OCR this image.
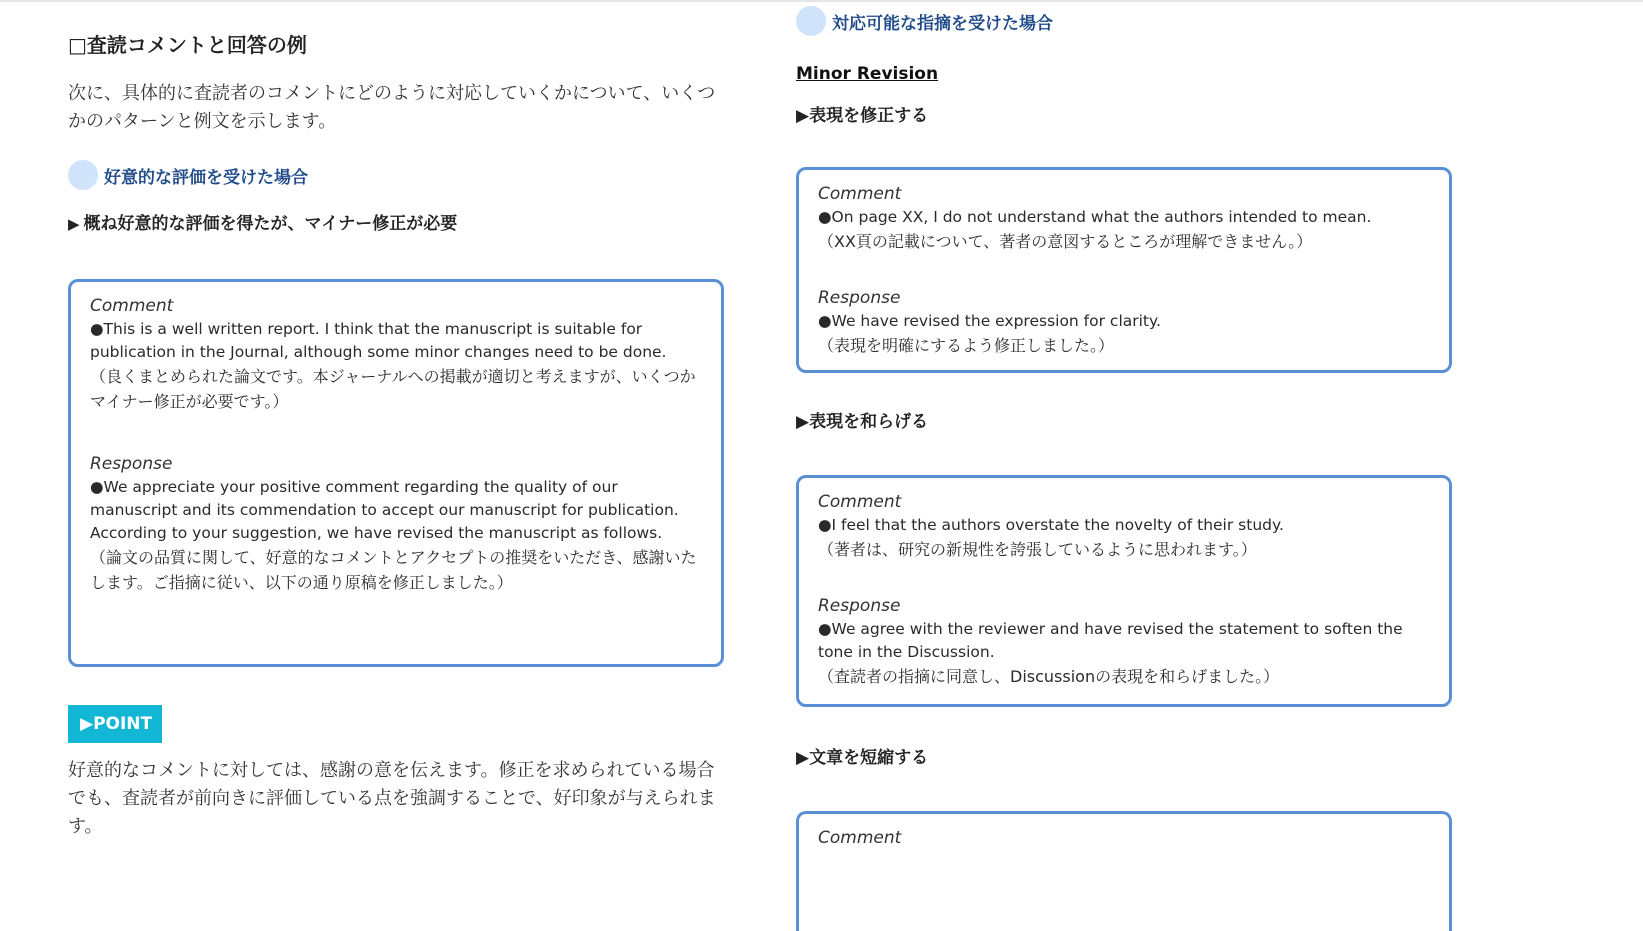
□査読コメントと回答の例

次に、具体的に査読者のコメントにどのように対応していくかについて、いくつかのパターンと例文を示します。

好意的な評価を受けた場合
▶ 概ね好意的な評価を得たが、マイナー修正が必要
Comment
●This is a well written report. I think that the manuscript is suitable for publication in the Journal, although some minor changes need to be done.
（良くまとめられた論文です。本ジャーナルへの掲載が適切と考えますが、いくつかマイナー修正が必要です。）
Response
●We appreciate your positive comment regarding the quality of our manuscript and its commendation to accept our manuscript for publication. According to your suggestion, we have revised the manuscript as follows.
（論文の品質に関して、好意的なコメントとアクセプトの推奨をいただき、感謝いたします。ご指摘に従い、以下の通り原稿を修正しました。）
▶POINT

好意的なコメントに対しては、感謝の意を伝えます。修正を求められている場合でも、査読者が前向きに評価している点を強調することで、好印象が与えられます。

対応可能な指摘を受けた場合
Minor Revision
▶表現を修正する
Comment
●On page XX, I do not understand what the authors intended to mean.
（XX頁の記載について、著者の意図するところが理解できません。）
Response
●We have revised the expression for clarity.
（表現を明確にするよう修正しました。）
▶表現を和らげる
Comment
●I feel that the authors overstate the novelty of their study.
（著者は、研究の新規性を誇張しているように思われます。）
Response
●We agree with the reviewer and have revised the statement to soften the tone in the Discussion.
（査読者の指摘に同意し、Discussionの表現を和らげました。）
▶文章を短縮する
Comment
